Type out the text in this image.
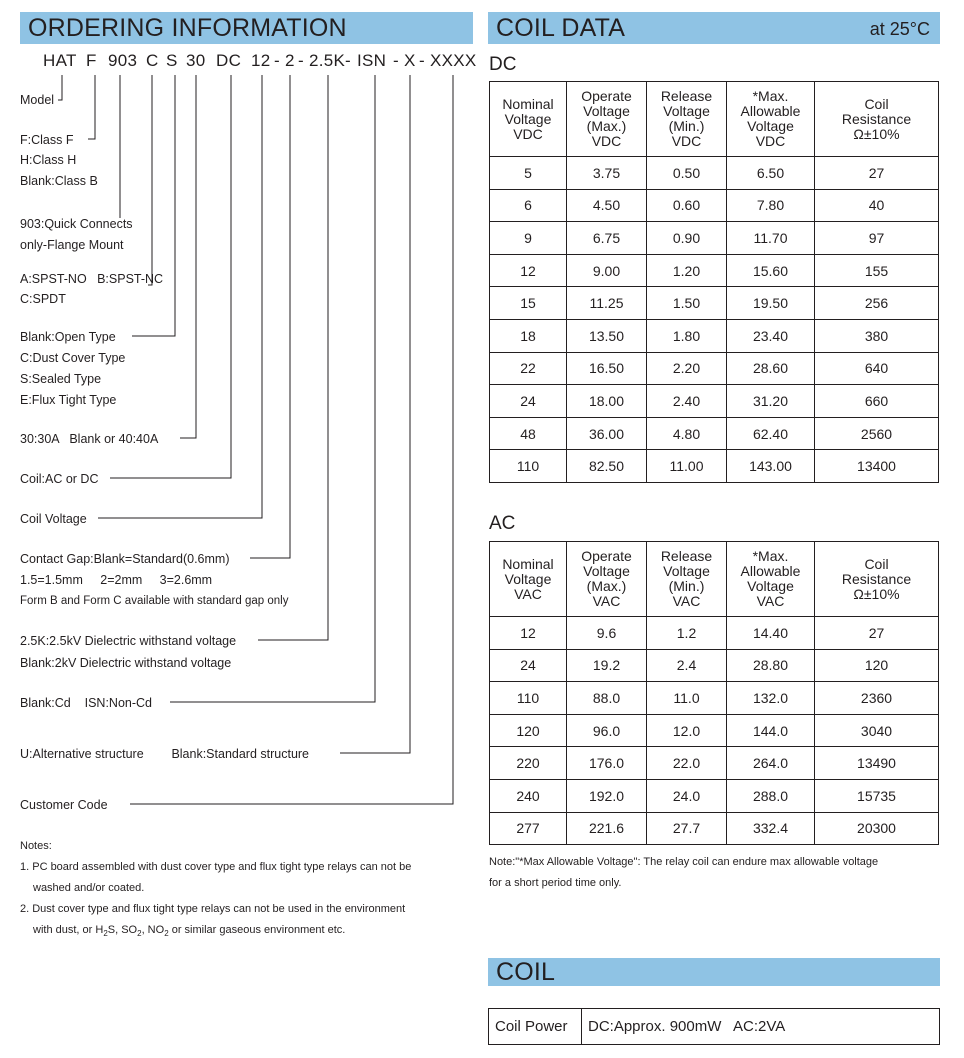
ORDERING INFORMATION
HAT F 903 C S 30 DC 12 - 2 - 2.5K - ISN - X - XXXX
Model
F:Class F
H:Class H
Blank:Class B
903:Quick Connects
only-Flange Mount
A:SPST-NO   B:SPST-NC
C:SPDT
Blank:Open Type
C:Dust Cover Type
S:Sealed Type
E:Flux Tight Type
30:30A   Blank or 40:40A
Coil:AC or DC
Coil Voltage
Contact Gap:Blank=Standard(0.6mm)
1.5=1.5mm     2=2mm     3=2.6mm
Form B and Form C available with standard gap only
2.5K:2.5kV Dielectric withstand voltage
Blank:2kV Dielectric withstand voltage
Blank:Cd    ISN:Non-Cd
U:Alternative structure        Blank:Standard structure
Customer Code

Notes:

1. PC board assembled with dust cover type and flux tight type relays can not be

washed and/or coated.

2. Dust cover type and flux tight type relays can not be used in the environment

with dust, or $H_2S$, $SO_2$, $NO_2$ or similar gaseous environment etc.

COIL DATA	at 25°C
DC
Nominal
Voltage
VDC	Operate
Voltage
(Max.)
VDC	Release
Voltage
(Min.)
VDC	*Max.
Allowable
Voltage
VDC	Coil
Resistance
Ω±10%
5	3.75	0.50	6.50	27
6	4.50	0.60	7.80	40
9	6.75	0.90	11.70	97
12	9.00	1.20	15.60	155
15	11.25	1.50	19.50	256
18	13.50	1.80	23.40	380
22	16.50	2.20	28.60	640
24	18.00	2.40	31.20	660
48	36.00	4.80	62.40	2560
110	82.50	11.00	143.00	13400
AC
Nominal
Voltage
VAC	Operate
Voltage
(Max.)
VAC	Release
Voltage
(Min.)
VAC	*Max.
Allowable
Voltage
VAC	Coil
Resistance
Ω±10%
12	9.6	1.2	14.40	27
24	19.2	2.4	28.80	120
110	88.0	11.0	132.0	2360
120	96.0	12.0	144.0	3040
220	176.0	22.0	264.0	13490
240	192.0	24.0	288.0	15735
277	221.6	27.7	332.4	20300
Note:"*Max Allowable Voltage": The relay coil can endure max allowable voltage
for a short period time only.
COIL
Coil Power	DC:Approx. 900mW   AC:2VA
